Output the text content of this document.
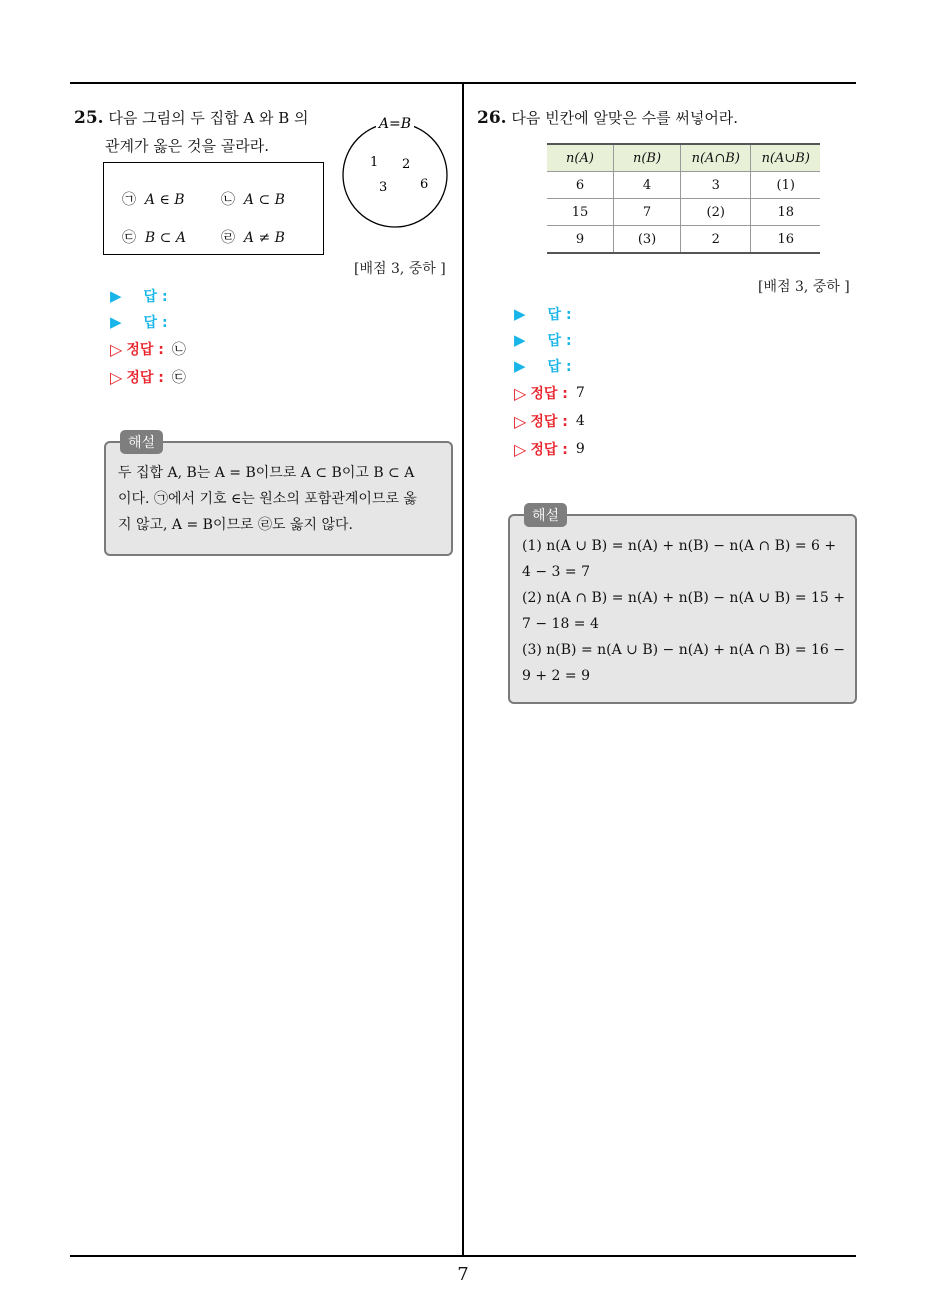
25. 다음 그림의 두 집합 A 와 B 의
관계가 옳은 것을 골라라.
㉠ A ∈ B	㉡ A ⊂ B
㉢ B ⊂ A	㉣ A ≠ B
A=B
1 2
3	6
[배점 3, 중하 ]
▶ 답 :
▶ 답 :
▷ 정답 : ㉡
▷ 정답 : ㉢
해설
두 집합 A, B는 A = B이므로 A ⊂ B이고 B ⊂ A
이다. ㉠에서 기호 ∈는 원소의 포함관계이므로 옳
지 않고, A = B이므로 ㉣도 옳지 않다.
26. 다음 빈칸에 알맞은 수를 써넣어라.
n(A)	n(B)	n(A∩B)	n(A∪B)
6	4	3	(1)
15	7	(2)	18
9	(3)	2	16
[배점 3, 중하 ]
▶ 답 :
▶ 답 :
▶ 답 :
▷ 정답 : 7
▷ 정답 : 4
▷ 정답 : 9
해설
(1) n(A ∪ B) = n(A) + n(B) − n(A ∩ B) = 6 +
4 − 3 = 7
(2) n(A ∩ B) = n(A) + n(B) − n(A ∪ B) = 15 +
7 − 18 = 4
(3) n(B) = n(A ∪ B) − n(A) + n(A ∩ B) = 16 −
9 + 2 = 9
7
